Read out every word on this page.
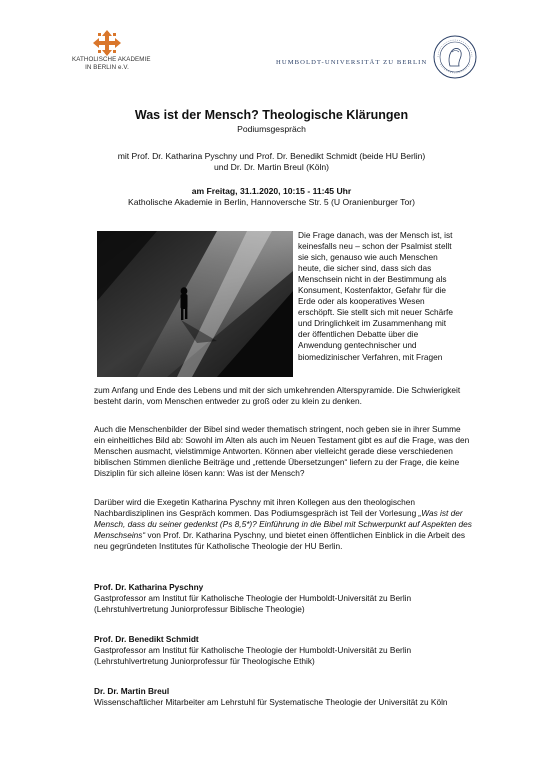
KATHOLISCHE AKADEMIE
IN BERLIN e.V.
HUMBOLDT-UNIVERSITÄT ZU BERLIN
Was ist der Mensch? Theologische Klärungen
Podiumsgespräch
mit Prof. Dr. Katharina Pyschny und Prof. Dr. Benedikt Schmidt (beide HU Berlin)
und Dr. Dr. Martin Breul (Köln)
am Freitag, 31.1.2020, 10:15 - 11:45 Uhr
Katholische Akademie in Berlin, Hannoversche Str. 5 (U Oranienburger Tor)
Die Frage danach, was der Mensch ist, ist
keinesfalls neu – schon der Psalmist stellt
sie sich, genauso wie auch Menschen
heute, die sicher sind, dass sich das
Menschsein nicht in der Bestimmung als
Konsument, Kostenfaktor, Gefahr für die
Erde oder als kooperatives Wesen
erschöpft. Sie stellt sich mit neuer Schärfe
und Dringlichkeit im Zusammenhang mit
der öffentlichen Debatte über die
Anwendung gentechnischer und
biomedizinischer Verfahren, mit Fragen
zum Anfang und Ende des Lebens und mit der sich umkehrenden Alterspyramide. Die Schwierigkeit
besteht darin, vom Menschen entweder zu groß oder zu klein zu denken.
Auch die Menschenbilder der Bibel sind weder thematisch stringent, noch geben sie in ihrer Summe
ein einheitliches Bild ab: Sowohl im Alten als auch im Neuen Testament gibt es auf die Frage, was den
Menschen ausmacht, vielstimmige Antworten. Können aber vielleicht gerade diese verschiedenen
biblischen Stimmen dienliche Beiträge und „rettende Übersetzungen“ liefern zu der Frage, die keine
Disziplin für sich alleine lösen kann: Was ist der Mensch?
Darüber wird die Exegetin Katharina Pyschny mit ihren Kollegen aus den theologischen
Nachbardisziplinen ins Gespräch kommen. Das Podiumsgespräch ist Teil der Vorlesung „Was ist der
Mensch, dass du seiner gedenkst (Ps 8,5*)? Einführung in die Bibel mit Schwerpunkt auf Aspekten des
Menschseins“ von Prof. Dr. Katharina Pyschny, und bietet einen öffentlichen Einblick in die Arbeit des
neu gegründeten Institutes für Katholische Theologie der HU Berlin.
Prof. Dr. Katharina Pyschny
Gastprofessor am Institut für Katholische Theologie der Humboldt-Universität zu Berlin
(Lehrstuhlvertretung Juniorprofessur Biblische Theologie)
Prof. Dr. Benedikt Schmidt
Gastprofessor am Institut für Katholische Theologie der Humboldt-Universität zu Berlin
(Lehrstuhlvertretung Juniorprofessur für Theologische Ethik)
Dr. Dr. Martin Breul
Wissenschaftlicher Mitarbeiter am Lehrstuhl für Systematische Theologie der Universität zu Köln
